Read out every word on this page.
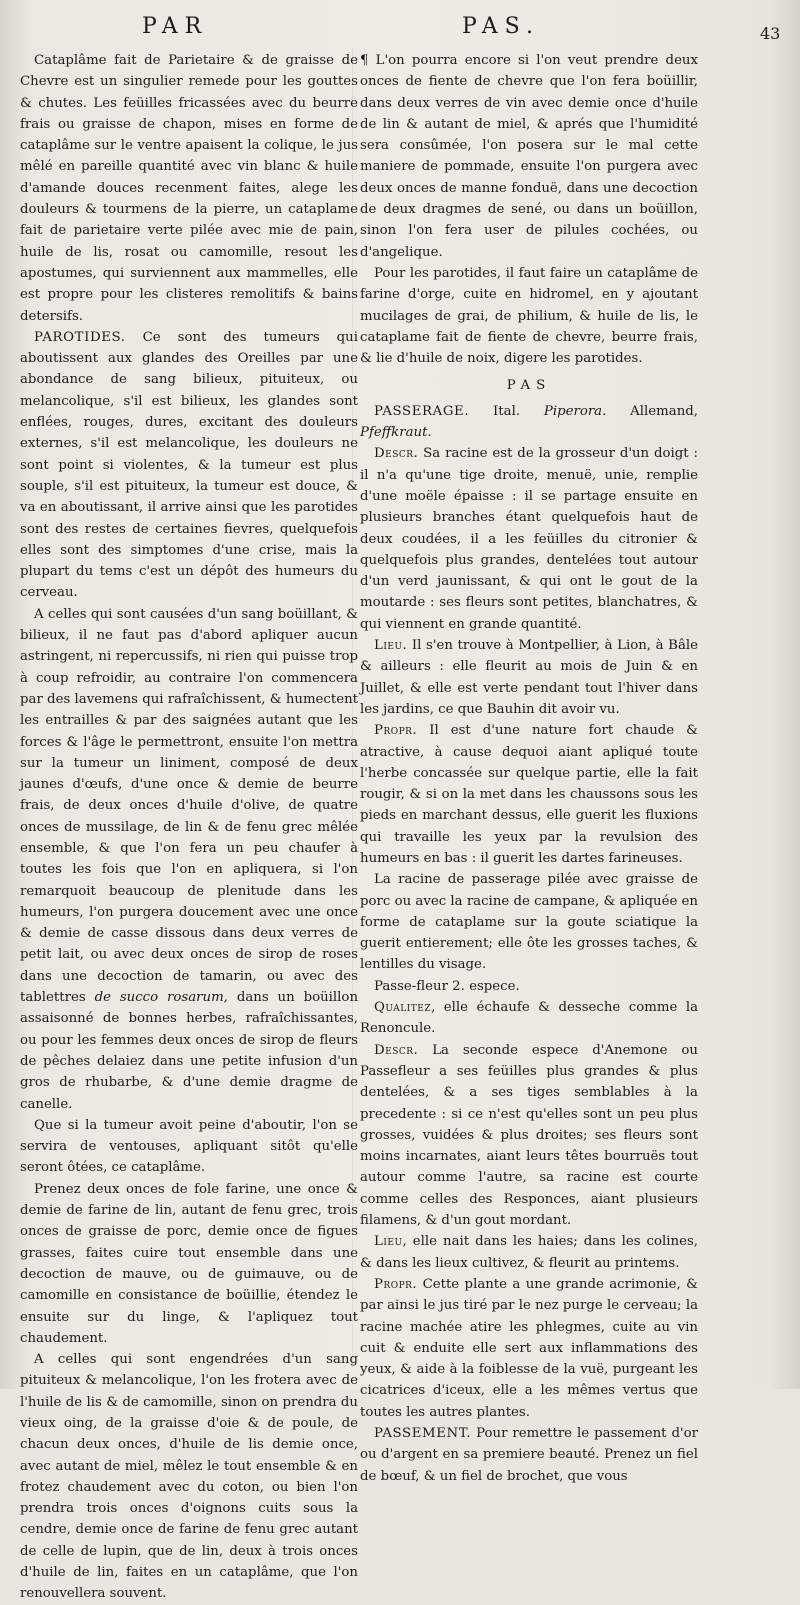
PAR	PAS.	43

Cataplâme fait de Parietaire & de graisse de Chevre est un singulier remede pour les gouttes & chutes. Les feüilles fricassées avec du beurre frais ou graisse de chapon, mises en forme de cataplâme sur le ventre apaisent la colique, le jus mêlé en pareille quantité avec vin blanc & huile d'amande douces recenment faites, alege les douleurs & tourmens de la pierre, un cataplame fait de parietaire verte pilée avec mie de pain, huile de lis, rosat ou camomille, resout les apostumes, qui surviennent aux mammelles, elle est propre pour les clisteres remolitifs & bains detersifs.

PAROTIDES. Ce sont des tumeurs qui aboutissent aux glandes des Oreilles par une abondance de sang bilieux, pituiteux, ou melancolique, s'il est bilieux, les glandes sont enflées, rouges, dures, excitant des douleurs externes, s'il est melancolique, les douleurs ne sont point si violentes, & la tumeur est plus souple, s'il est pituiteux, la tumeur est douce, & va en aboutissant, il arrive ainsi que les parotides sont des restes de certaines fievres, quelquefois elles sont des simptomes d'une crise, mais la plupart du tems c'est un dépôt des humeurs du cerveau.

A celles qui sont causées d'un sang boüillant, & bilieux, il ne faut pas d'abord apliquer aucun astringent, ni repercussifs, ni rien qui puisse trop à coup refroidir, au contraire l'on commencera par des lavemens qui rafraîchissent, & humectent les entrailles & par des saignées autant que les forces & l'âge le permettront, ensuite l'on mettra sur la tumeur un liniment, composé de deux jaunes d'œufs, d'une once & demie de beurre frais, de deux onces d'huile d'olive, de quatre onces de mussilage, de lin & de fenu grec mêlée ensemble, & que l'on fera un peu chaufer à toutes les fois que l'on en apliquera, si l'on remarquoit beaucoup de plenitude dans les humeurs, l'on purgera doucement avec une once & demie de casse dissous dans deux verres de petit lait, ou avec deux onces de sirop de roses dans une decoction de tamarin, ou avec des tablettres de succo rosarum, dans un boüillon assaisonné de bonnes herbes, rafraîchissantes, ou pour les femmes deux onces de sirop de fleurs de pêches delaiez dans une petite infusion d'un gros de rhubarbe, & d'une demie dragme de canelle.

Que si la tumeur avoit peine d'aboutir, l'on se servira de ventouses, apliquant sitôt qu'elle seront ôtées, ce cataplâme.

Prenez deux onces de fole farine, une once & demie de farine de lin, autant de fenu grec, trois onces de graisse de porc, demie once de figues grasses, faites cuire tout ensemble dans une decoction de mauve, ou de guimauve, ou de camomille en consistance de boüillie, étendez le ensuite sur du linge, & l'apliquez tout chaudement.

A celles qui sont engendrées d'un sang pituiteux & melancolique, l'on les frotera avec de l'huile de lis & de camomille, sinon on prendra du vieux oing, de la graisse d'oie & de poule, de chacun deux onces, d'huile de lis demie once, avec autant de miel, mêlez le tout ensemble & en frotez chaudement avec du coton, ou bien l'on prendra trois onces d'oignons cuits sous la cendre, demie once de farine de fenu grec autant de celle de lupin, que de lin, deux à trois onces d'huile de lin, faites en un cataplâme, que l'on renouvellera souvent.

¶ L'on pourra encore si l'on veut prendre deux onces de fiente de chevre que l'on fera boüillir, dans deux verres de vin avec demie once d'huile de lin & autant de miel, & aprés que l'humidité sera consûmée, l'on posera sur le mal cette maniere de pommade, ensuite l'on purgera avec deux onces de manne fonduë, dans une decoction de deux dragmes de sené, ou dans un boüillon, sinon l'on fera user de pilules cochées, ou d'angelique.

Pour les parotides, il faut faire un cataplâme de farine d'orge, cuite en hidromel, en y ajoutant mucilages de grai, de philium, & huile de lis, le cataplame fait de fiente de chevre, beurre frais, & lie d'huile de noix, digere les parotides.

PAS

PASSERAGE. Ital. Piperora. Allemand, Pfeffkraut.

Descr. Sa racine est de la grosseur d'un doigt : il n'a qu'une tige droite, menuë, unie, remplie d'une moële épaisse : il se partage ensuite en plusieurs branches étant quelquefois haut de deux coudées, il a les feüilles du citronier & quelquefois plus grandes, dentelées tout autour d'un verd jaunissant, & qui ont le gout de la moutarde : ses fleurs sont petites, blanchatres, & qui viennent en grande quantité.

Lieu. Il s'en trouve à Montpellier, à Lion, à Bâle & ailleurs : elle fleurit au mois de Juin & en Juillet, & elle est verte pendant tout l'hiver dans les jardins, ce que Bauhin dit avoir vu.

Propr. Il est d'une nature fort chaude & atractive, à cause dequoi aiant apliqué toute l'herbe concassée sur quelque partie, elle la fait rougir, & si on la met dans les chaussons sous les pieds en marchant dessus, elle guerit les fluxions qui travaille les yeux par la revulsion des humeurs en bas : il guerit les dartes farineuses.

La racine de passerage pilée avec graisse de porc ou avec la racine de campane, & apliquée en forme de cataplame sur la goute sciatique la guerit entierement; elle ôte les grosses taches, & lentilles du visage.

Passe-fleur 2. espece.

Qualitez, elle échaufe & desseche comme la Renoncule.

Descr. La seconde espece d'Anemone ou Passefleur a ses feüilles plus grandes & plus dentelées, & a ses tiges semblables à la precedente : si ce n'est qu'elles sont un peu plus grosses, vuidées & plus droites; ses fleurs sont moins incarnates, aiant leurs têtes bourruës tout autour comme l'autre, sa racine est courte comme celles des Responces, aiant plusieurs filamens, & d'un gout mordant.

Lieu, elle nait dans les haies; dans les colines, & dans les lieux cultivez, & fleurit au printems.

Propr. Cette plante a une grande acrimonie, & par ainsi le jus tiré par le nez purge le cerveau; la racine machée atire les phlegmes, cuite au vin cuit & enduite elle sert aux inflammations des yeux, & aide à la foiblesse de la vuë, purgeant les cicatrices d'iceux, elle a les mêmes vertus que toutes les autres plantes.

PASSEMENT. Pour remettre le passement d'or ou d'argent en sa premiere beauté. Prenez un fiel de bœuf, & un fiel de brochet, que vous
